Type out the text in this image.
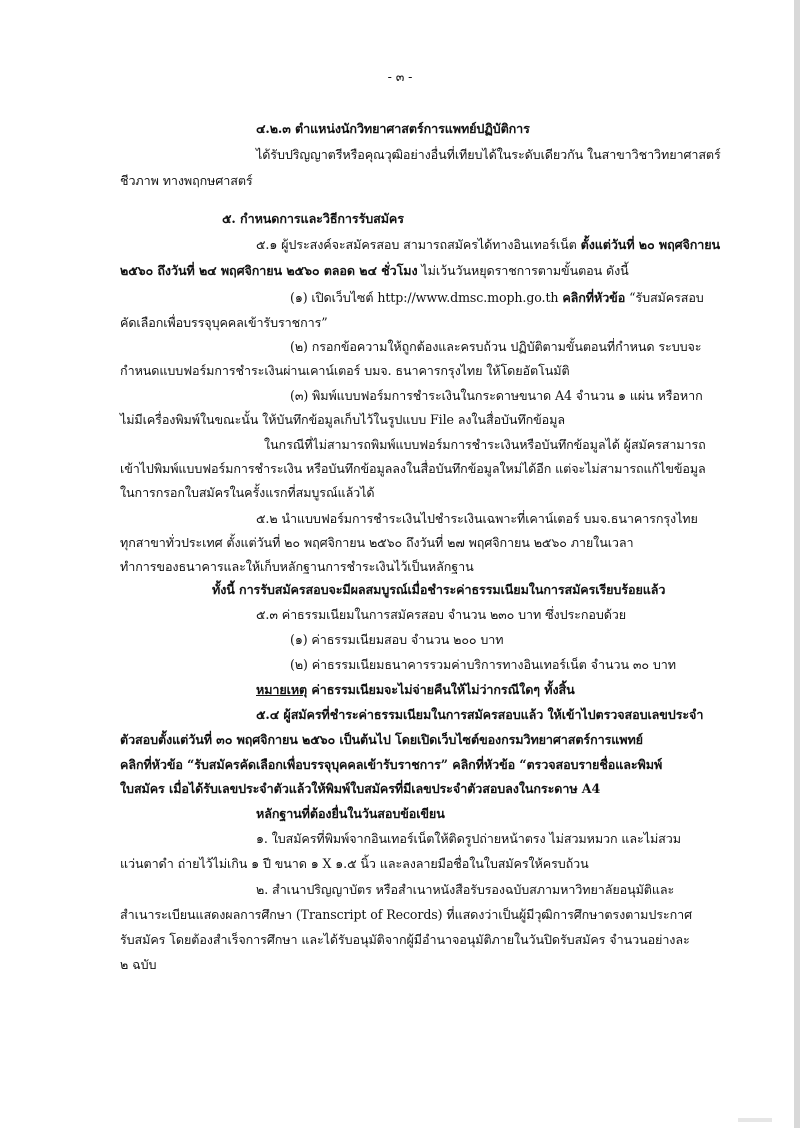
- ๓ -
๔.๒.๓ ตำแหน่งนักวิทยาศาสตร์การแพทย์ปฏิบัติการ
ได้รับปริญญาตรีหรือคุณวุฒิอย่างอื่นที่เทียบได้ในระดับเดียวกัน ในสาขาวิชาวิทยาศาสตร์
ชีวภาพ ทางพฤกษศาสตร์
๕. กำหนดการและวิธีการรับสมัคร
๕.๑ ผู้ประสงค์จะสมัครสอบ สามารถสมัครได้ทางอินเทอร์เน็ต ตั้งแต่วันที่ ๒๐ พฤศจิกายน
๒๕๖๐ ถึงวันที่ ๒๔ พฤศจิกายน ๒๕๖๐ ตลอด ๒๔ ชั่วโมง ไม่เว้นวันหยุดราชการตามขั้นตอน ดังนี้
(๑) เปิดเว็บไซต์ http://www.dmsc.moph.go.th คลิกที่หัวข้อ “รับสมัครสอบ
คัดเลือกเพื่อบรรจุบุคคลเข้ารับราชการ”
(๒) กรอกข้อความให้ถูกต้องและครบถ้วน ปฏิบัติตามขั้นตอนที่กำหนด ระบบจะ
กำหนดแบบฟอร์มการชำระเงินผ่านเคาน์เตอร์ บมจ. ธนาคารกรุงไทย ให้โดยอัตโนมัติ
(๓) พิมพ์แบบฟอร์มการชำระเงินในกระดาษขนาด A4 จำนวน ๑ แผ่น หรือหาก
ไม่มีเครื่องพิมพ์ในขณะนั้น ให้บันทึกข้อมูลเก็บไว้ในรูปแบบ File ลงในสื่อบันทึกข้อมูล
ในกรณีที่ไม่สามารถพิมพ์แบบฟอร์มการชำระเงินหรือบันทึกข้อมูลได้ ผู้สมัครสามารถ
เข้าไปพิมพ์แบบฟอร์มการชำระเงิน หรือบันทึกข้อมูลลงในสื่อบันทึกข้อมูลใหม่ได้อีก แต่จะไม่สามารถแก้ไขข้อมูล
ในการกรอกใบสมัครในครั้งแรกที่สมบูรณ์แล้วได้
๕.๒ นำแบบฟอร์มการชำระเงินไปชำระเงินเฉพาะที่เคาน์เตอร์ บมจ.ธนาคารกรุงไทย
ทุกสาขาทั่วประเทศ ตั้งแต่วันที่ ๒๐ พฤศจิกายน ๒๕๖๐ ถึงวันที่ ๒๗ พฤศจิกายน ๒๕๖๐ ภายในเวลา
ทำการของธนาคารและให้เก็บหลักฐานการชำระเงินไว้เป็นหลักฐาน
ทั้งนี้ การรับสมัครสอบจะมีผลสมบูรณ์เมื่อชำระค่าธรรมเนียมในการสมัครเรียบร้อยแล้ว
๕.๓ ค่าธรรมเนียมในการสมัครสอบ จำนวน ๒๓๐ บาท ซึ่งประกอบด้วย
(๑) ค่าธรรมเนียมสอบ จำนวน ๒๐๐ บาท
(๒) ค่าธรรมเนียมธนาคารรวมค่าบริการทางอินเทอร์เน็ต จำนวน ๓๐ บาท
หมายเหตุ ค่าธรรมเนียมจะไม่จ่ายคืนให้ไม่ว่ากรณีใดๆ ทั้งสิ้น
๕.๔ ผู้สมัครที่ชำระค่าธรรมเนียมในการสมัครสอบแล้ว ให้เข้าไปตรวจสอบเลขประจำ
ตัวสอบตั้งแต่วันที่ ๓๐ พฤศจิกายน ๒๕๖๐ เป็นต้นไป โดยเปิดเว็บไซต์ของกรมวิทยาศาสตร์การแพทย์
คลิกที่หัวข้อ “รับสมัครคัดเลือกเพื่อบรรจุบุคคลเข้ารับราชการ” คลิกที่หัวข้อ “ตรวจสอบรายชื่อและพิมพ์
ใบสมัคร เมื่อได้รับเลขประจำตัวแล้วให้พิมพ์ใบสมัครที่มีเลขประจำตัวสอบลงในกระดาษ A4
หลักฐานที่ต้องยื่นในวันสอบข้อเขียน
๑. ใบสมัครที่พิมพ์จากอินเทอร์เน็ตให้ติดรูปถ่ายหน้าตรง ไม่สวมหมวก และไม่สวม
แว่นตาดำ ถ่ายไว้ไม่เกิน ๑ ปี ขนาด ๑ X ๑.๕ นิ้ว และลงลายมือชื่อในใบสมัครให้ครบถ้วน
๒. สำเนาปริญญาบัตร หรือสำเนาหนังสือรับรองฉบับสภามหาวิทยาลัยอนุมัติและ
สำเนาระเบียนแสดงผลการศึกษา (Transcript of Records) ที่แสดงว่าเป็นผู้มีวุฒิการศึกษาตรงตามประกาศ
รับสมัคร โดยต้องสำเร็จการศึกษา และได้รับอนุมัติจากผู้มีอำนาจอนุมัติภายในวันปิดรับสมัคร จำนวนอย่างละ
๒ ฉบับ
